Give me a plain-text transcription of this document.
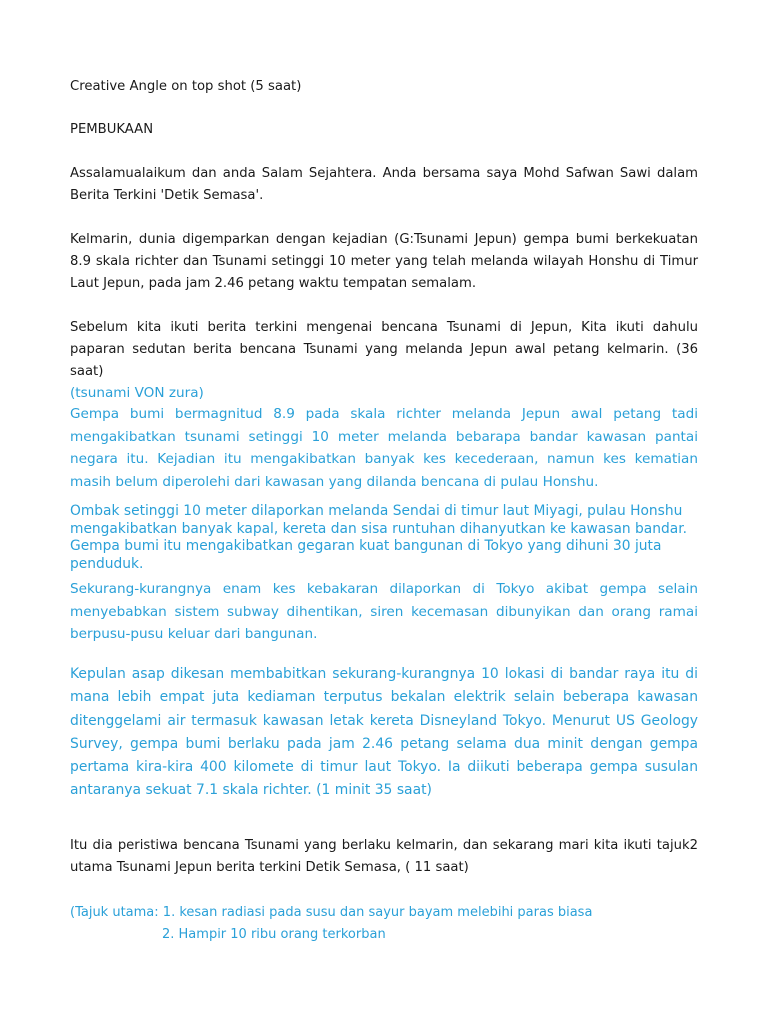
Creative Angle on top shot (5 saat)

PEMBUKAAN

Assalamualaikum dan anda Salam Sejahtera. Anda bersama saya Mohd Safwan Sawi dalam Berita Terkini 'Detik Semasa'.

Kelmarin, dunia digemparkan dengan kejadian (G:Tsunami Jepun) gempa bumi berkekuatan 8.9 skala richter dan Tsunami setinggi 10 meter yang telah melanda wilayah Honshu di Timur Laut Jepun, pada jam 2.46 petang waktu tempatan semalam.

Sebelum kita ikuti berita terkini mengenai bencana Tsunami di Jepun, Kita ikuti dahulu paparan sedutan berita bencana Tsunami yang melanda Jepun awal petang kelmarin. (36 saat)

(tsunami VON zura)

Gempa bumi bermagnitud 8.9 pada skala richter melanda Jepun awal petang tadi mengakibatkan tsunami setinggi 10 meter melanda bebarapa bandar kawasan pantai negara itu. Kejadian itu mengakibatkan banyak kes kecederaan, namun kes kematian masih belum diperolehi dari kawasan yang dilanda bencana di pulau Honshu.

Ombak setinggi 10 meter dilaporkan melanda Sendai di timur laut Miyagi, pulau Honshu
mengakibatkan banyak kapal, kereta dan sisa runtuhan dihanyutkan ke kawasan bandar.
Gempa bumi itu mengakibatkan gegaran kuat bangunan di Tokyo yang dihuni 30 juta
penduduk.

Sekurang-kurangnya enam kes kebakaran dilaporkan di Tokyo akibat gempa selain menyebabkan sistem subway dihentikan, siren kecemasan dibunyikan dan orang ramai berpusu-pusu keluar dari bangunan.

Kepulan asap dikesan membabitkan sekurang-kurangnya 10 lokasi di bandar raya itu di mana lebih empat juta kediaman terputus bekalan elektrik selain beberapa kawasan ditenggelami air termasuk kawasan letak kereta Disneyland Tokyo. Menurut US Geology Survey, gempa bumi berlaku pada jam 2.46 petang selama dua minit dengan gempa pertama kira-kira 400 kilomete di timur laut Tokyo. Ia diikuti beberapa gempa susulan antaranya sekuat 7.1 skala richter. (1 minit 35 saat)

Itu dia peristiwa bencana Tsunami yang berlaku kelmarin, dan sekarang mari kita ikuti tajuk2 utama Tsunami Jepun berita terkini Detik Semasa, ( 11 saat)

(Tajuk utama: 1. kesan radiasi pada susu dan sayur bayam melebihi paras biasa
2. Hampir 10 ribu orang terkorban
